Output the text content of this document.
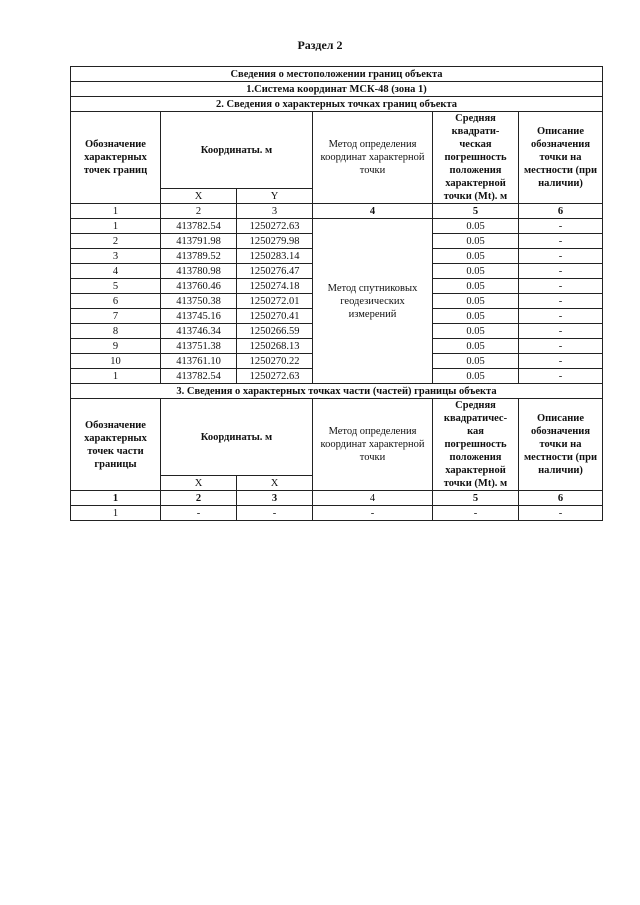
Раздел 2
Сведения о местоположении границ объекта					
1.Система координат МСК-48 (зона 1)					
2. Сведения о характерных точках границ объекта					
Обозначение характерных точек границ	Координаты. м		Метод определения координат характерной точки	Средняя квадрати-ческая погрешность положения характерной точки (Mt). м	Описание обозначения точки на местности (при наличии)
	X	Y			
1	2	3	4	5	6
1	413782.54	1250272.63	Метод спутниковых геодезических измерений	0.05	-
2	413791.98	1250279.98		0.05	-
3	413789.52	1250283.14		0.05	-
4	413780.98	1250276.47		0.05	-
5	413760.46	1250274.18		0.05	-
6	413750.38	1250272.01		0.05	-
7	413745.16	1250270.41		0.05	-
8	413746.34	1250266.59		0.05	-
9	413751.38	1250268.13		0.05	-
10	413761.10	1250270.22		0.05	-
1	413782.54	1250272.63		0.05	-
3. Сведения о характерных точках части (частей) границы объекта					
Обозначение характерных точек части границы	Координаты. м		Метод определения координат характерной точки	Средняя квадратичес-кая погрешность положения характерной точки (Mt). м	Описание обозначения точки на местности (при наличии)
	X	X			
1	2	3	4	5	6
1	-	-	-	-	-
